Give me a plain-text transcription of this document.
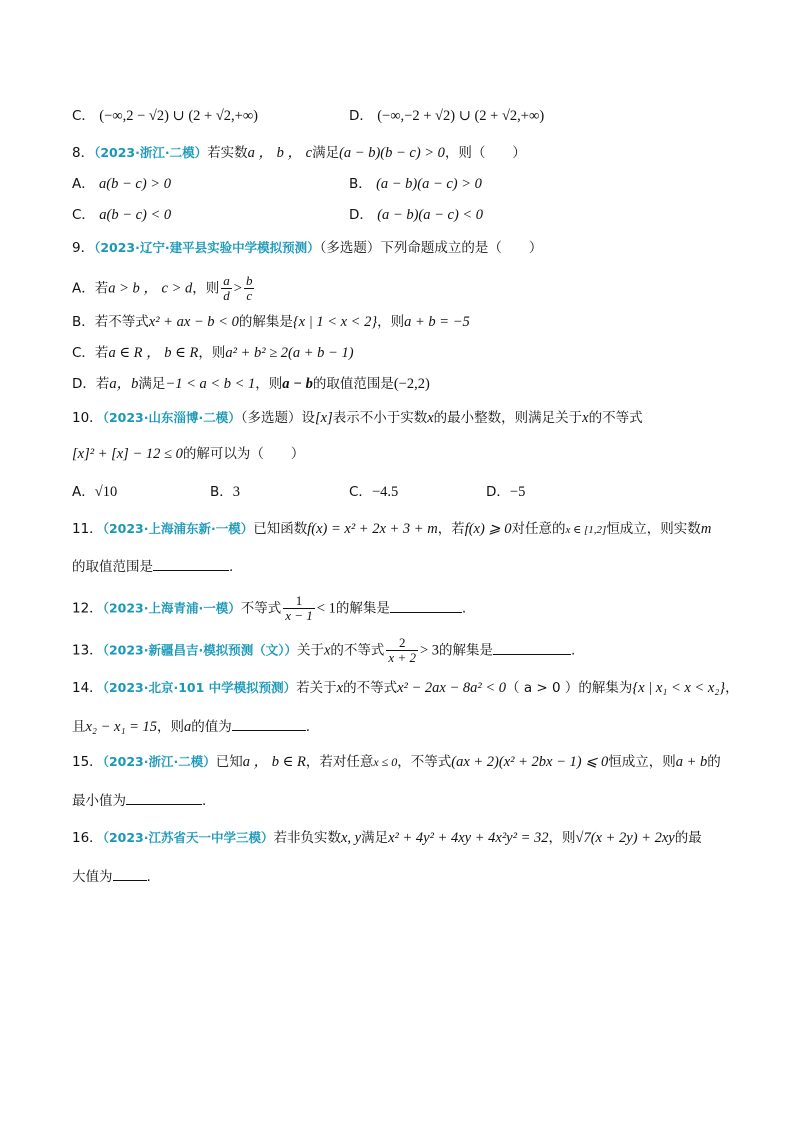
C． (−∞,2 − √2) ∪ (2 + √2,+∞)	D． (−∞,−2 + √2) ∪ (2 + √2,+∞)
8．（2023·浙江·二模）若实数a ， b ， c满足(a − b)(b − c) > 0，则（　　）
A． a(b − c) > 0	B． (a − b)(a − c) > 0
C． a(b − c) < 0	D． (a − b)(a − c) < 0
9．（2023·辽宁·建平县实验中学模拟预测）（多选题）下列命题成立的是（　　）
A．若a > b ， c > d，则 $\frac{a}{d} > \frac{b}{c}$
B．若不等式x² + ax − b < 0的解集是{x | 1 < x < 2}，则a + b = −5
C．若a ∈ R ， b ∈ R，则a² + b² ≥ 2(a + b − 1)
D．若a，b满足−1 < a < b < 1，则a − b的取值范围是(−2,2)
10．（2023·山东淄博·二模）（多选题）设[x]表示不小于实数x的最小整数，则满足关于x的不等式
[x]² + [x] − 12 ≤ 0的解可以为（　　）
A．√10	B．3	C．−4.5	D．−5
11．（2023·上海浦东新·一模）已知函数f(x) = x² + 2x + 3 + m，若f(x) ⩾ 0对任意的x ∈ [1,2]恒成立，则实数m
的取值范围是	.
12．（2023·上海青浦·一模）不等式 $\frac{1}{x - 1} < 1$的解集是	.
13．（2023·新疆昌吉·模拟预测（文））关于x的不等式 $\frac{2}{x + 2} > 3$的解集是	.
14．（2023·北京·101 中学模拟预测）若关于x的不等式x² − 2ax − 8a² < 0（ a > 0 ）的解集为{x | x₁ < x < x₂}，
且x₂ − x₁ = 15，则a的值为	.
15．（2023·浙江·二模）已知a ， b ∈ R，若对任意x ≤ 0，不等式(ax + 2)(x² + 2bx − 1) ⩽ 0恒成立，则a + b的
最小值为	.
16．（2023·江苏省天一中学三模）若非负实数x, y满足x² + 4y² + 4xy + 4x²y² = 32，则√7(x + 2y) + 2xy的最
大值为	.
